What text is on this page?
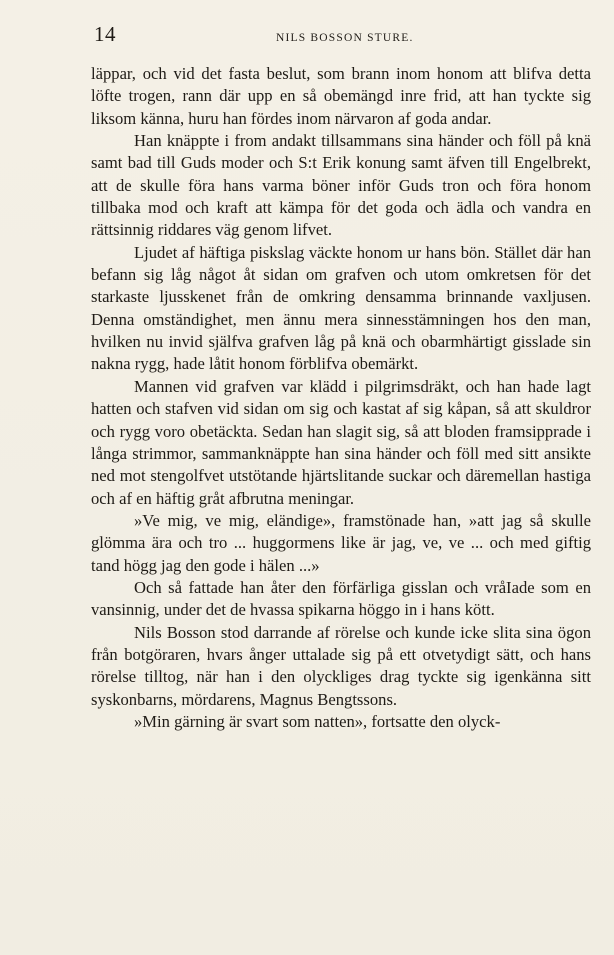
14	NILS BOSSON STURE.

läppar, och vid det fasta beslut, som brann inom honom att blifva detta löfte trogen, rann där upp en så obemängd inre frid, att han tyckte sig liksom känna, huru han fördes inom närvaron af goda andar.

Han knäppte i from andakt tillsammans sina händer och föll på knä samt bad till Guds moder och S:t Erik konung samt äfven till Engelbrekt, att de skulle föra hans varma böner inför Guds tron och föra honom tillbaka mod och kraft att kämpa för det goda och ädla och vandra en rättsinnig riddares väg genom lifvet.

Ljudet af häftiga piskslag väckte honom ur hans bön. Stället där han befann sig låg något åt sidan om grafven och utom omkretsen för det starkaste ljusskenet från de omkring densamma brinnande vaxljusen. Denna omständighet, men ännu mera sinnesstämningen hos den man, hvilken nu invid själfva grafven låg på knä och obarmhärtigt gisslade sin nakna rygg, hade låtit honom förblifva obemärkt.

Mannen vid grafven var klädd i pilgrimsdräkt, och han hade lagt hatten och stafven vid sidan om sig och kastat af sig kåpan, så att skuldror och rygg voro obetäckta. Sedan han slagit sig, så att bloden framsipprade i långa strimmor, sammanknäppte han sina händer och föll med sitt ansikte ned mot stengolfvet utstötande hjärtslitande suckar och däremellan hastiga och af en häftig gråt afbrutna meningar.

»Ve mig, ve mig, eländige», framstönade han, »att jag så skulle glömma ära och tro ... huggormens like är jag, ve, ve ... och med giftig tand högg jag den gode i hälen ...»

Och så fattade han åter den förfärliga gisslan och vråIade som en vansinnig, under det de hvassa spikarna höggo in i hans kött.

Nils Bosson stod darrande af rörelse och kunde icke slita sina ögon från botgöraren, hvars ånger uttalade sig på ett otvetydigt sätt, och hans rörelse tilltog, när han i den olyckliges drag tyckte sig igenkänna sitt syskonbarns, mördarens, Magnus Bengtssons.

»Min gärning är svart som natten», fortsatte den olyck-
